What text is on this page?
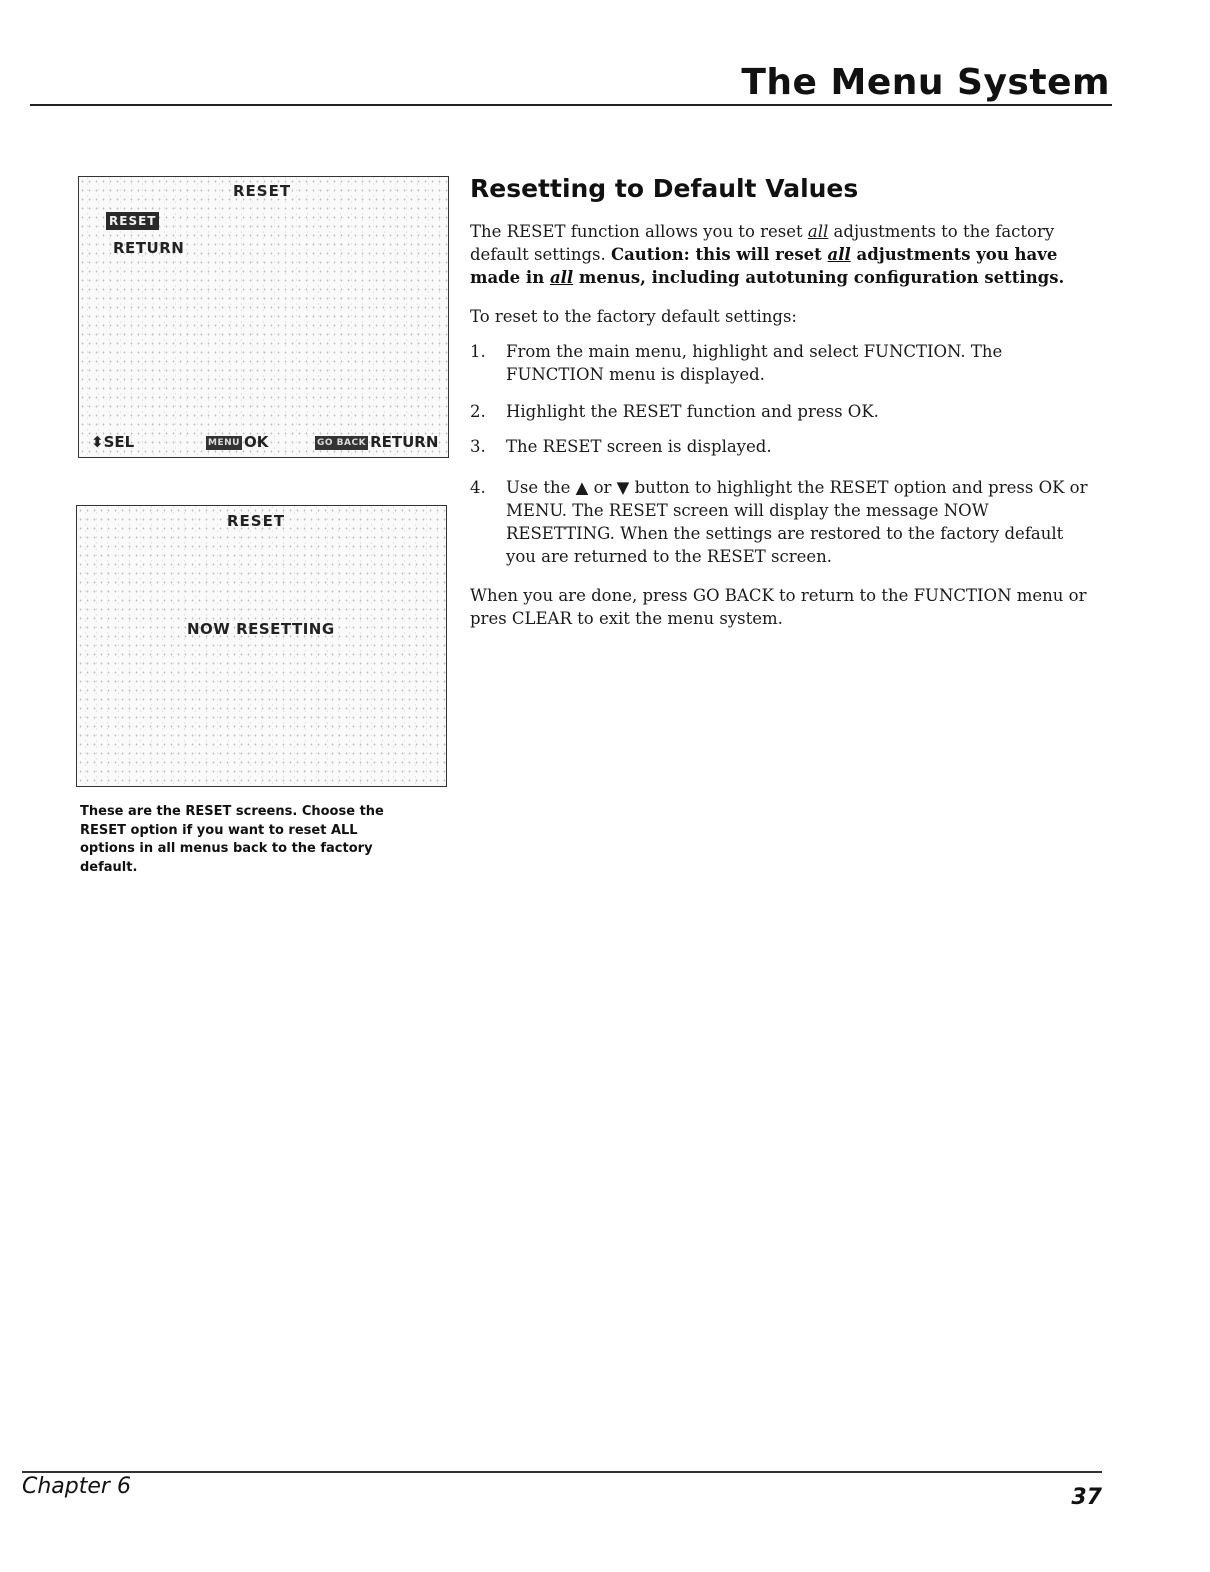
The Menu System
RESET
RESET
RETURN
⬍SEL	MENU OK	GO BACK RETURN
RESET
NOW RESETTING
These are the RESET screens. Choose the RESET option if you want to reset ALL options in all menus back to the factory default.
Resetting to Default Values
The RESET function allows you to reset all adjustments to the factory default settings. Caution: this will reset all adjustments you have made in all menus, including autotuning configuration settings.
To reset to the factory default settings:
1. From the main menu, highlight and select FUNCTION. The FUNCTION menu is displayed.
2. Highlight the RESET function and press OK.
3. The RESET screen is displayed.
4. Use the ▲ or ▼ button to highlight the RESET option and press OK or MENU. The RESET screen will display the message NOW RESETTING. When the settings are restored to the factory default you are returned to the RESET screen.
When you are done, press GO BACK to return to the FUNCTION menu or pres CLEAR to exit the menu system.
Chapter 6	37
